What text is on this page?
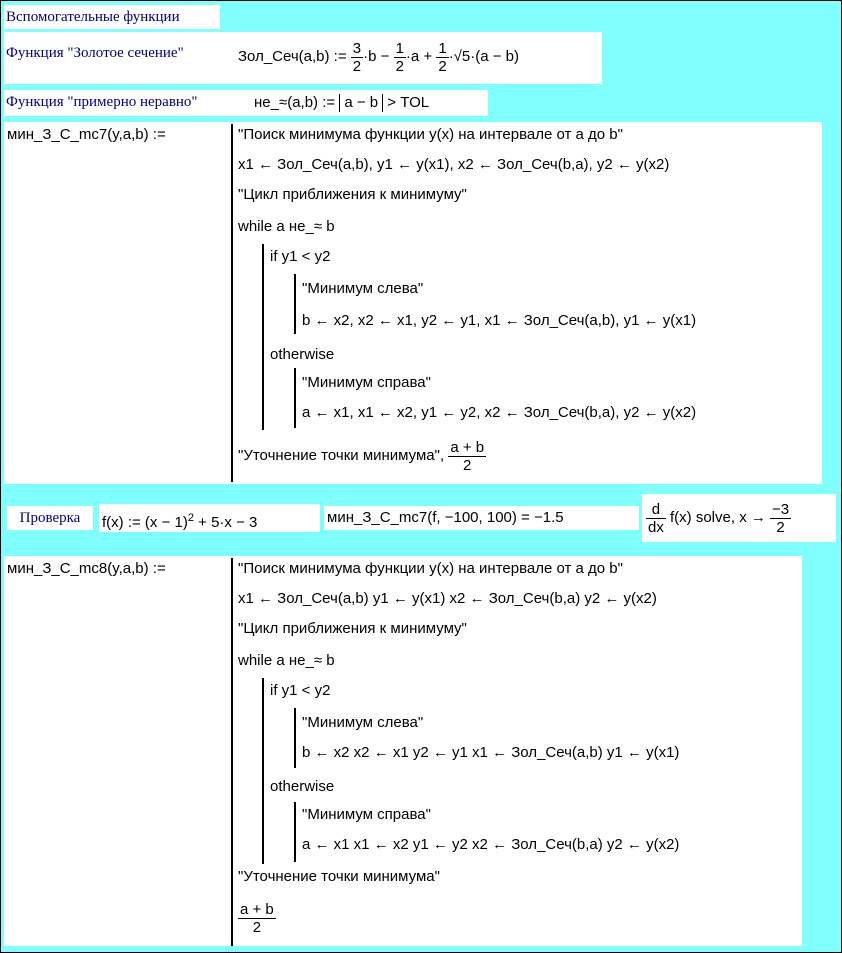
Вспомогательные функции
Функция "Золотое сечение"	Зол_Сеч(a,b) := $\frac{3}{2} \cdot b - \frac{1}{2} \cdot a + \frac{1}{2} \cdot√5\cdot(a - b)$
Функция "примерно неравно"	не_≈(a,b) := a − b > TOL
мин_З_С_mc7(y,a,b) :=	"Поиск минимума функции y(x) на интервале от a до b"
x1 ← Зол_Сеч(a,b), y1 ← y(x1), x2 ← Зол_Сеч(b,a), y2 ← y(x2)
"Цикл приближения к минимуму"
while a не_≈ b
if y1 < y2
"Минимум слева"
b ← x2, x2 ← x1, y2 ← y1, x1 ← Зол_Сеч(a,b), y1 ← y(x1)
otherwise
"Минимум справа"
a ← x1, x1 ← x2, y1 ← y2, x2 ← Зол_Сеч(b,a), y2 ← y(x2)
"Уточнение точки минимума", $\frac{a + b}{2}$
Проверка	f(x) := $(x - 1)^2 + 5\cdot x - 3$	мин_З_С_mc7(f, −100, 100) = −1.5	$\frac{d}{dx} f(x)$ solve, $x \to \frac{-3}{2}$
мин_З_С_mc8(y,a,b) :=	"Поиск минимума функции y(x) на интервале от a до b"
x1 ← Зол_Сеч(a,b) y1 ← y(x1) x2 ← Зол_Сеч(b,a) y2 ← y(x2)
"Цикл приближения к минимуму"
while a не_≈ b
if y1 < y2
"Минимум слева"
b ← x2 x2 ← x1 y2 ← y1 x1 ← Зол_Сеч(a,b) y1 ← y(x1)
otherwise
"Минимум справа"
a ← x1 x1 ← x2 y1 ← y2 x2 ← Зол_Сеч(b,a) y2 ← y(x2)
"Уточнение точки минимума"
$\frac{a + b}{2}$
